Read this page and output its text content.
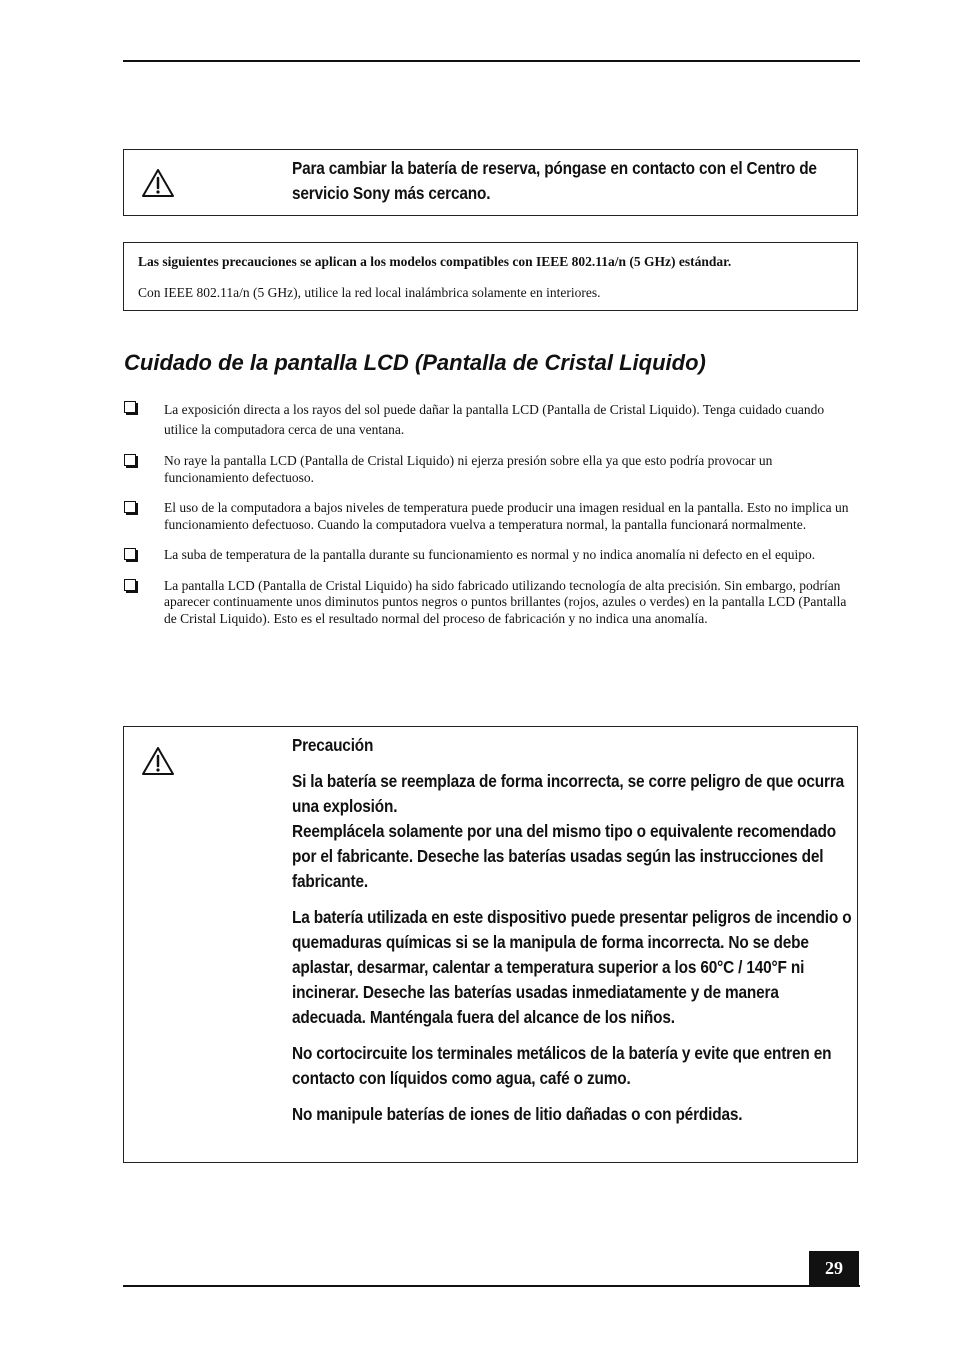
Para cambiar la batería de reserva, póngase en contacto con el Centro de servicio Sony más cercano.

Las siguientes precauciones se aplican a los modelos compatibles con IEEE 802.11a/n (5 GHz) estándar.

Con IEEE 802.11a/n (5 GHz), utilice la red local inalámbrica solamente en interiores.

Cuidado de la pantalla LCD (Pantalla de Cristal Liquido)
La exposición directa a los rayos del sol puede dañar la pantalla LCD (Pantalla de Cristal Liquido). Tenga cuidado cuando utilice la computadora cerca de una ventana.
No raye la pantalla LCD (Pantalla de Cristal Liquido) ni ejerza presión sobre ella ya que esto podría provocar un funcionamiento defectuoso.
El uso de la computadora a bajos niveles de temperatura puede producir una imagen residual en la pantalla. Esto no implica un funcionamiento defectuoso. Cuando la computadora vuelva a temperatura normal, la pantalla funcionará normalmente.
La suba de temperatura de la pantalla durante su funcionamiento es normal y no indica anomalía ni defecto en el equipo.
La pantalla LCD (Pantalla de Cristal Liquido) ha sido fabricado utilizando tecnología de alta precisión. Sin embargo, podrían aparecer continuamente unos diminutos puntos negros o puntos brillantes (rojos, azules o verdes) en la pantalla LCD (Pantalla de Cristal Liquido). Esto es el resultado normal del proceso de fabricación y no indica una anomalía.

Precaución

Si la batería se reemplaza de forma incorrecta, se corre peligro de que ocurra una explosión.
Reemplácela solamente por una del mismo tipo o equivalente recomendado por el fabricante. Deseche las baterías usadas según las instrucciones del fabricante.

La batería utilizada en este dispositivo puede presentar peligros de incendio o quemaduras químicas si se la manipula de forma incorrecta. No se debe aplastar, desarmar, calentar a temperatura superior a los 60°C / 140°F ni incinerar. Deseche las baterías usadas inmediatamente y de manera adecuada. Manténgala fuera del alcance de los niños.

No cortocircuite los terminales metálicos de la batería y evite que entren en contacto con líquidos como agua, café o zumo.

No manipule baterías de iones de litio dañadas o con pérdidas.

29
